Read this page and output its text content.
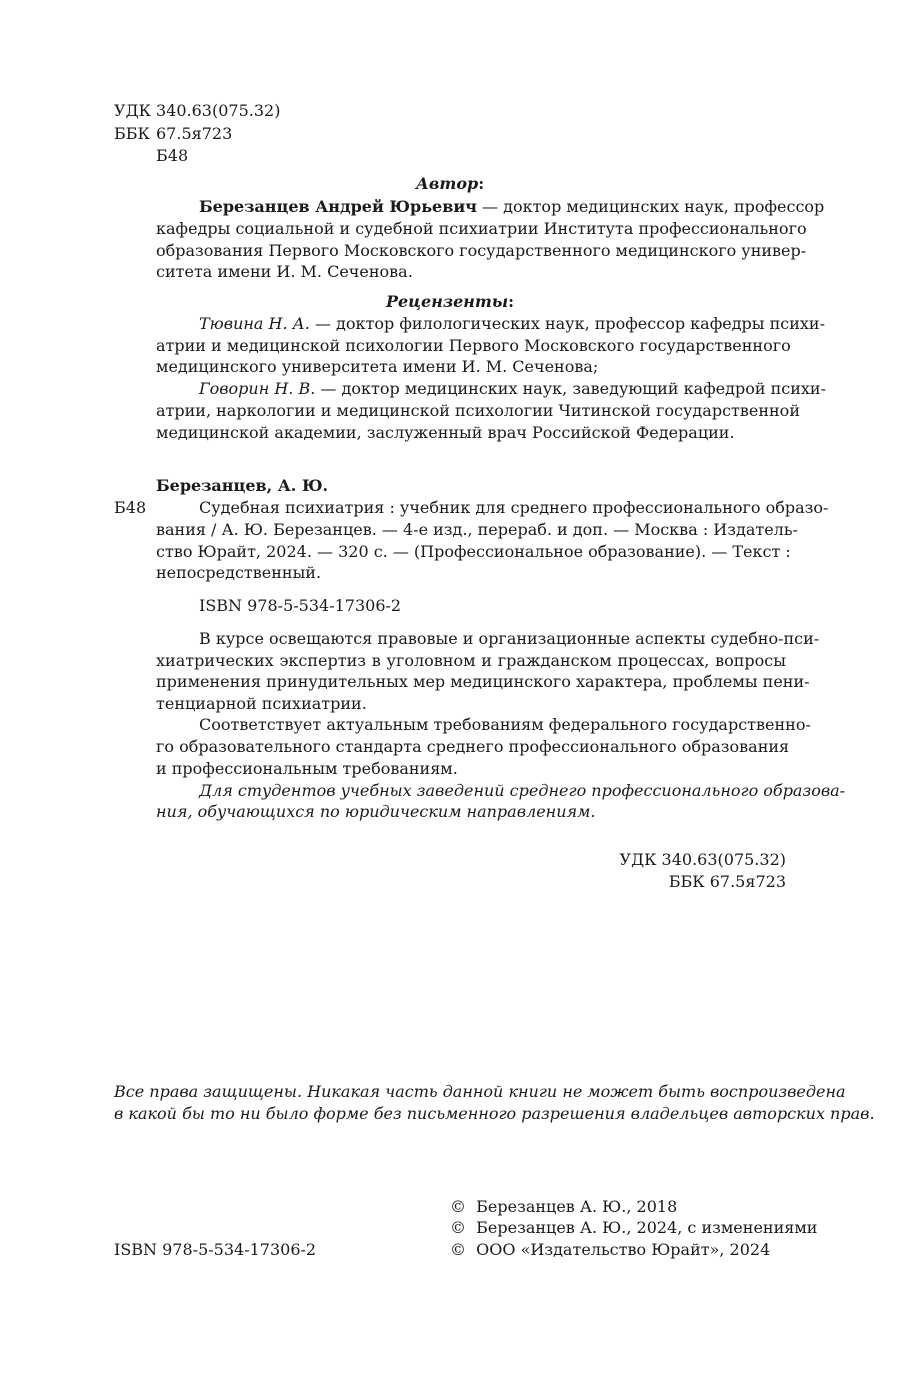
УДК 340.63(075.32)
ББК 67.5я723
Б48
Автор:
Березанцев Андрей Юрьевич — доктор медицинских наук, профессор
кафедры социальной и судебной психиатрии Института профессионального
образования Первого Московского государственного медицинского универ-
ситета имени И. М. Сеченова.
Рецензенты:
Тювина Н. А. — доктор филологических наук, профессор кафедры психи-
атрии и медицинской психологии Первого Московского государственного
медицинского университета имени И. М. Сеченова;
Говорин Н. В. — доктор медицинских наук, заведующий кафедрой психи-
атрии, наркологии и медицинской психологии Читинской государственной
медицинской академии, заслуженный врач Российской Федерации.
Березанцев, А. Ю.
Б48	Судебная психиатрия : учебник для среднего профессионального образо-
вания / А. Ю. Березанцев. — 4-е изд., перераб. и доп. — Москва : Издатель-
ство Юрайт, 2024. — 320 с. — (Профессиональное образование). — Текст :
непосредственный.
ISBN 978-5-534-17306-2
В курсе освещаются правовые и организационные аспекты судебно-пси-
хиатрических экспертиз в уголовном и гражданском процессах, вопросы
применения принудительных мер медицинского характера, проблемы пени-
тенциарной психиатрии.
Соответствует актуальным требованиям федерального государственно-
го образовательного стандарта среднего профессионального образования
и профессиональным требованиям.
Для студентов учебных заведений среднего профессионального образова-
ния, обучающихся по юридическим направлениям.
УДК 340.63(075.32)
ББК 67.5я723
Все права защищены. Никакая часть данной книги не может быть воспроизведена
в какой бы то ни было форме без письменного разрешения владельцев авторских прав.
ISBN 978-5-534-17306-2
©  Березанцев А. Ю., 2018
©  Березанцев А. Ю., 2024, с изменениями
©  ООО «Издательство Юрайт», 2024
